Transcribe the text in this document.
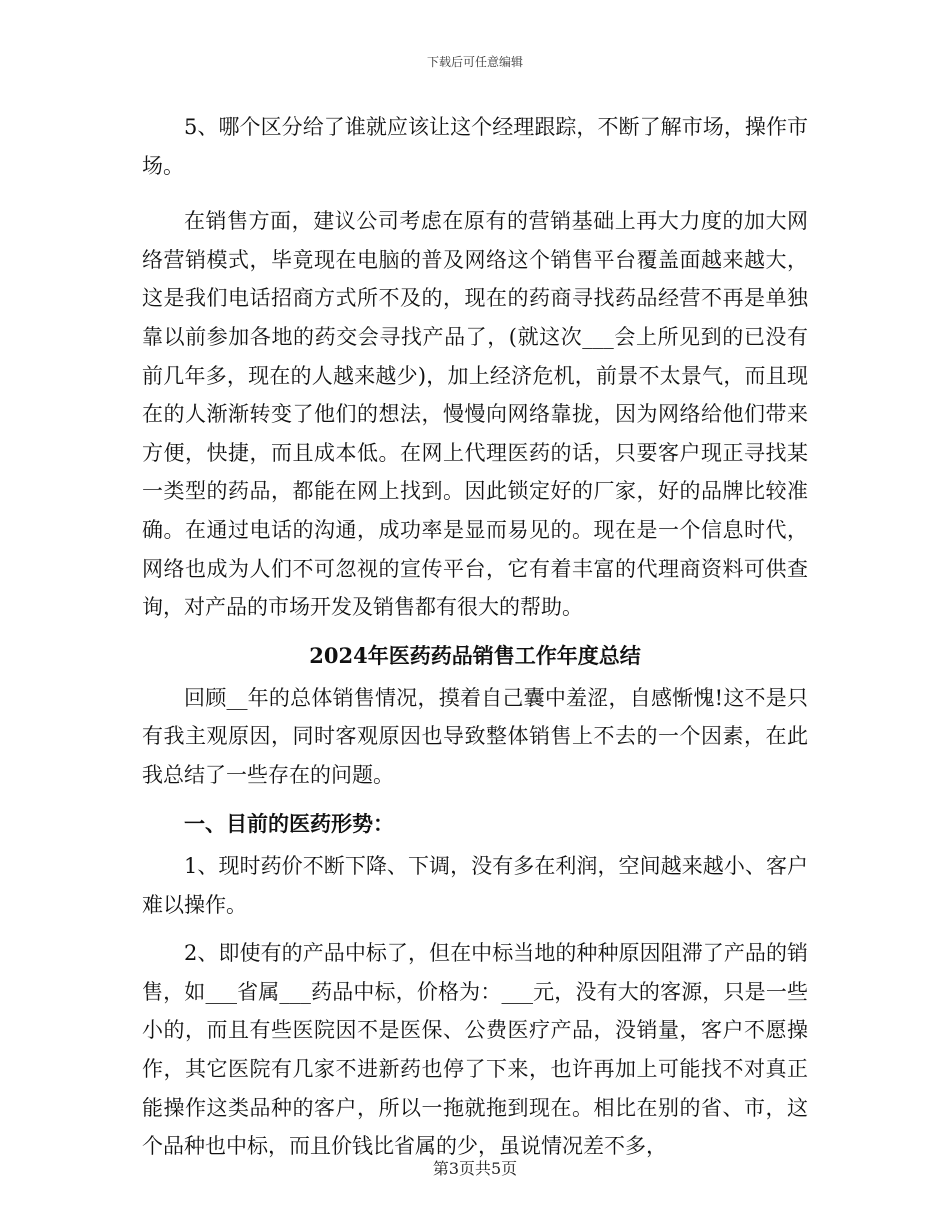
下载后可任意编辑

5、哪个区分给了谁就应该让这个经理跟踪，不断了解市场，操作市场。

在销售方面，建议公司考虑在原有的营销基础上再大力度的加大网络营销模式，毕竟现在电脑的普及网络这个销售平台覆盖面越来越大，这是我们电话招商方式所不及的，现在的药商寻找药品经营不再是单独靠以前参加各地的药交会寻找产品了，(就这次___会上所见到的已没有前几年多，现在的人越来越少)，加上经济危机，前景不太景气，而且现在的人渐渐转变了他们的想法，慢慢向网络靠拢，因为网络给他们带来方便，快捷，而且成本低。在网上代理医药的话，只要客户现正寻找某一类型的药品，都能在网上找到。因此锁定好的厂家，好的品牌比较准确。在通过电话的沟通，成功率是显而易见的。现在是一个信息时代，网络也成为人们不可忽视的宣传平台，它有着丰富的代理商资料可供查询，对产品的市场开发及销售都有很大的帮助。

2024年医药药品销售工作年度总结

回顾__年的总体销售情况，摸着自己囊中羞涩，自感惭愧!这不是只有我主观原因，同时客观原因也导致整体销售上不去的一个因素，在此我总结了一些存在的问题。

一、目前的医药形势：

1、现时药价不断下降、下调，没有多在利润，空间越来越小、客户难以操作。

2、即使有的产品中标了，但在中标当地的种种原因阻滞了产品的销售，如___省属___药品中标，价格为：___元，没有大的客源，只是一些小的，而且有些医院因不是医保、公费医疗产品，没销量，客户不愿操作，其它医院有几家不进新药也停了下来，也许再加上可能找不对真正能操作这类品种的客户，所以一拖就拖到现在。相比在别的省、市，这个品种也中标，而且价钱比省属的少，虽说情况差不多，

第3页共5页
